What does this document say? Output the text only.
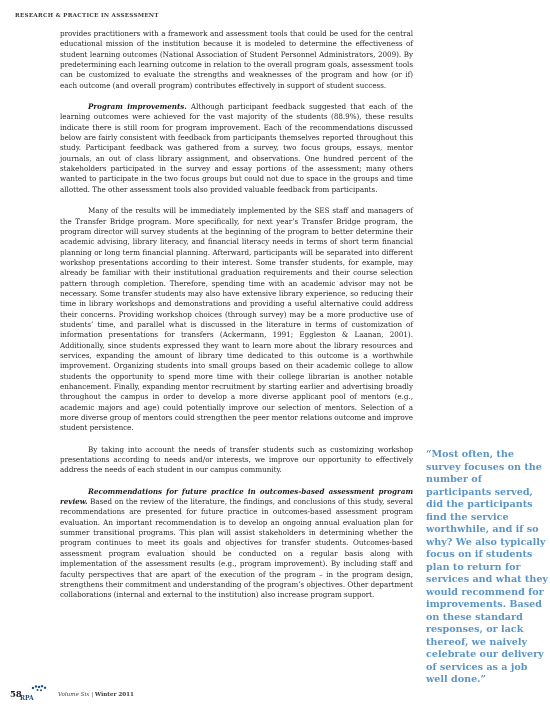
RESEARCH & PRACTICE IN ASSESSMENT

provides practitioners with a framework and assessment tools that could be used for the central educational mission of the institution because it is modeled to determine the effectiveness of student learning outcomes (National Association of Student Personnel Administrators, 2009). By predetermining each learning outcome in relation to the overall program goals, assessment tools can be customized to evaluate the strengths and weaknesses of the program and how (or if) each outcome (and overall program) contributes effectively in support of student success.

Program improvements. Although participant feedback suggested that each of the learning outcomes were achieved for the vast majority of the students (88.9%), these results indicate there is still room for program improvement. Each of the recommendations discussed below are fairly consistent with feedback from participants themselves reported throughout this study. Participant feedback was gathered from a survey, two focus groups, essays, mentor journals, an out of class library assignment, and observations. One hundred percent of the stakeholders participated in the survey and essay portions of the assessment; many others wanted to participate in the two focus groups but could not due to space in the groups and time allotted. The other assessment tools also provided valuable feedback from participants.

Many of the results will be immediately implemented by the SES staff and managers of the Transfer Bridge program. More specifically, for next year’s Transfer Bridge program, the program director will survey students at the beginning of the program to better determine their academic advising, library literacy, and financial literacy needs in terms of short term financial planning or long term financial planning. Afterward, participants will be separated into different workshop presentations according to their interest. Some transfer students, for example, may already be familiar with their institutional graduation requirements and their course selection pattern through completion. Therefore, spending time with an academic advisor may not be necessary. Some transfer students may also have extensive library experience, so reducing their time in library workshops and demonstrations and providing a useful alternative could address their concerns. Providing workshop choices (through survey) may be a more productive use of students’ time, and parallel what is discussed in the literature in terms of customization of information presentations for transfers (Ackermann, 1991; Eggleston & Laanan, 2001). Additionally, since students expressed they want to learn more about the library resources and services, expanding the amount of library time dedicated to this outcome is a worthwhile improvement. Organizing students into small groups based on their academic college to allow students the opportunity to spend more time with their college librarian is another notable enhancement. Finally, expanding mentor recruitment by starting earlier and advertising broadly throughout the campus in order to develop a more diverse applicant pool of mentors (e.g., academic majors and age) could potentially improve our selection of mentors. Selection of a more diverse group of mentors could strengthen the peer mentor relations outcome and improve student persistence.

By taking into account the needs of transfer students such as customizing workshop presentations according to needs and/or interests, we improve our opportunity to effectively address the needs of each student in our campus community.

Recommendations for future practice in outcomes-based assessment program review. Based on the review of the literature, the findings, and conclusions of this study, several recommendations are presented for future practice in outcomes-based assessment program evaluation. An important recommendation is to develop an ongoing annual evaluation plan for summer transitional programs. This plan will assist stakeholders in determining whether the program continues to meet its goals and objectives for transfer students. Outcomes-based assessment program evaluation should be conducted on a regular basis along with implementation of the assessment results (e.g., program improvement). By including staff and faculty perspectives that are apart of the execution of the program – in the program design, strengthens their commitment and understanding of the program’s objectives. Other department collaborations (internal and external to the institution) also increase program support.

“Most often, the survey focuses on the number of participants served, did the participants find the service worthwhile, and if so why? We also typically focus on if students plan to return for services and what they would recommend for improvements. Based on these standard responses, or lack thereof, we naively celebrate our delivery of services as a job well done.”
58
RPA	Volume Six | Winter 2011
